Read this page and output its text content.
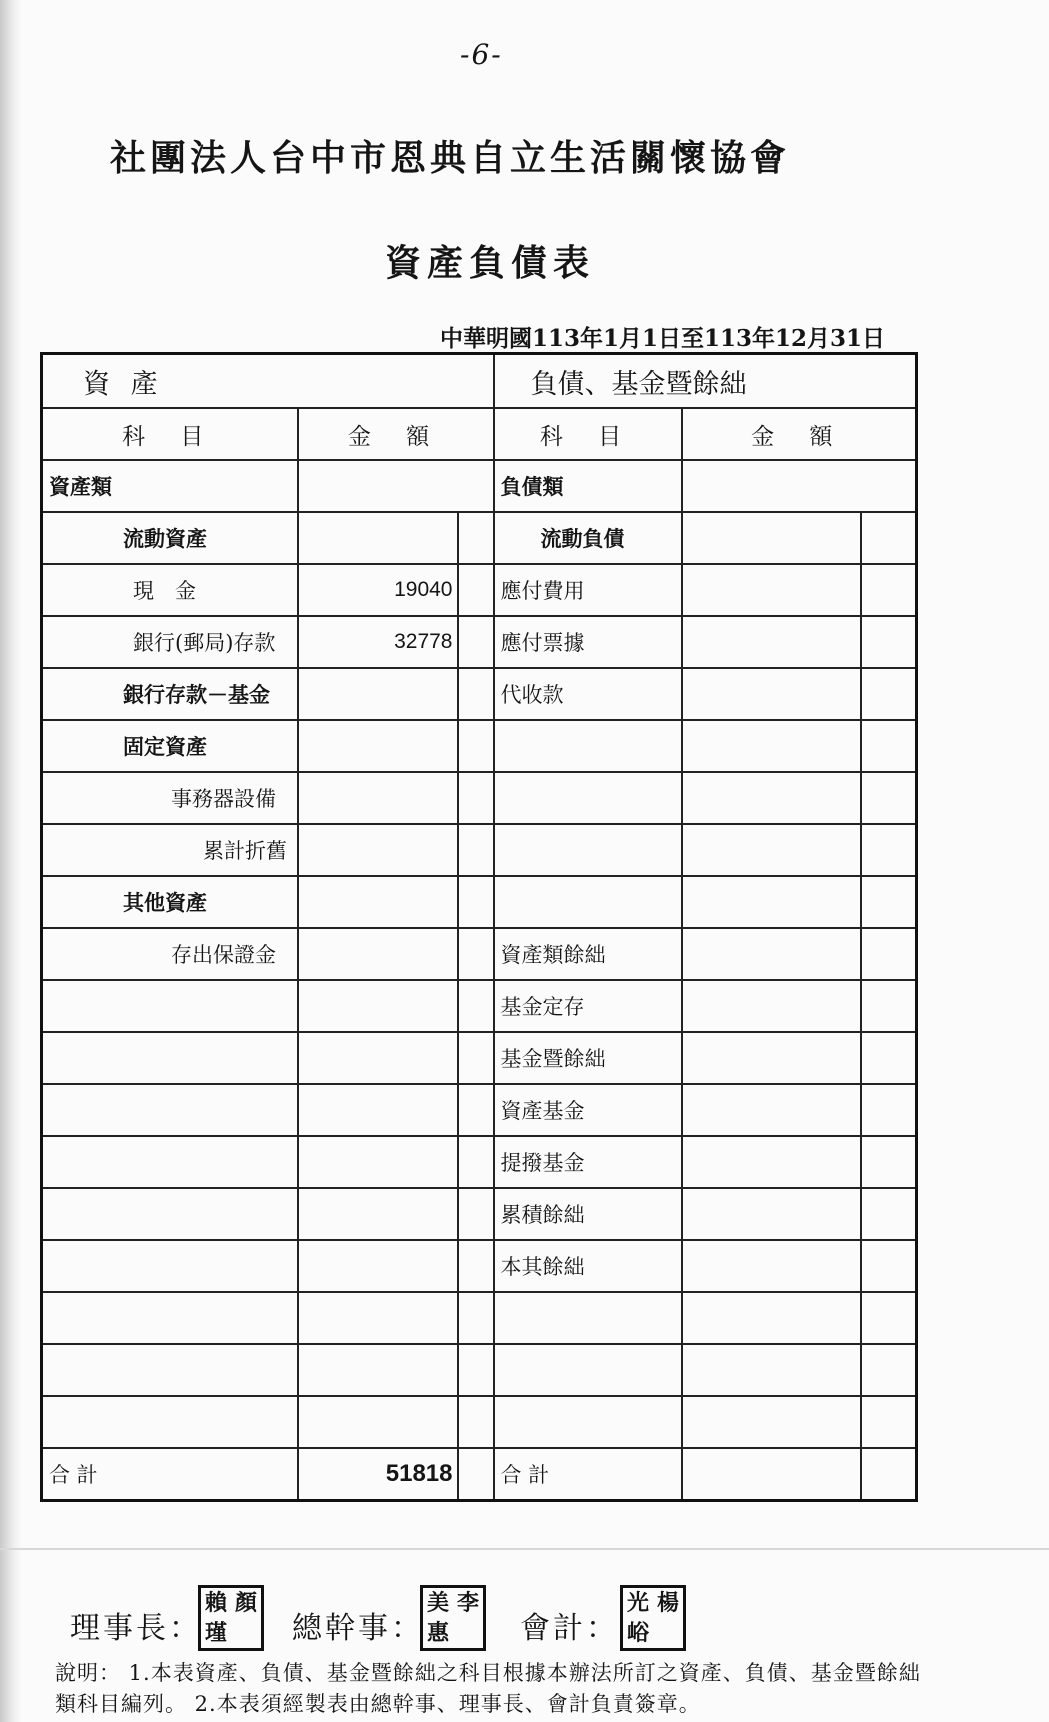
-6-
社團法人台中市恩典自立生活關懷協會
資產負債表
中華明國113年1月1日至113年12月31日
資 產			負債、基金暨餘絀		
科 目	金 額		科 目	金 額	
資產類			負債類		
流動資產			流動負債		
現　金	19040		應付費用		
銀行(郵局)存款	32778		應付票據		
銀行存款－基金			代收款		
固定資產					
事務器設備					
累計折舊					
其他資產					
存出保證金			資產類餘絀		
			基金定存		
			基金暨餘絀		
			資產基金		
			提撥基金		
			累積餘絀		
			本其餘絀		

合 計	51818		合 計		
理事長：
賴 顏
瑾 總幹事：
美 李
惠 會計：
光 楊
峪
說明： 1.本表資產、負債、基金暨餘絀之科目根據本辦法所訂之資產、負債、基金暨餘絀類科目編列。 2.本表須經製表由總幹事、理事長、會計負責簽章。
